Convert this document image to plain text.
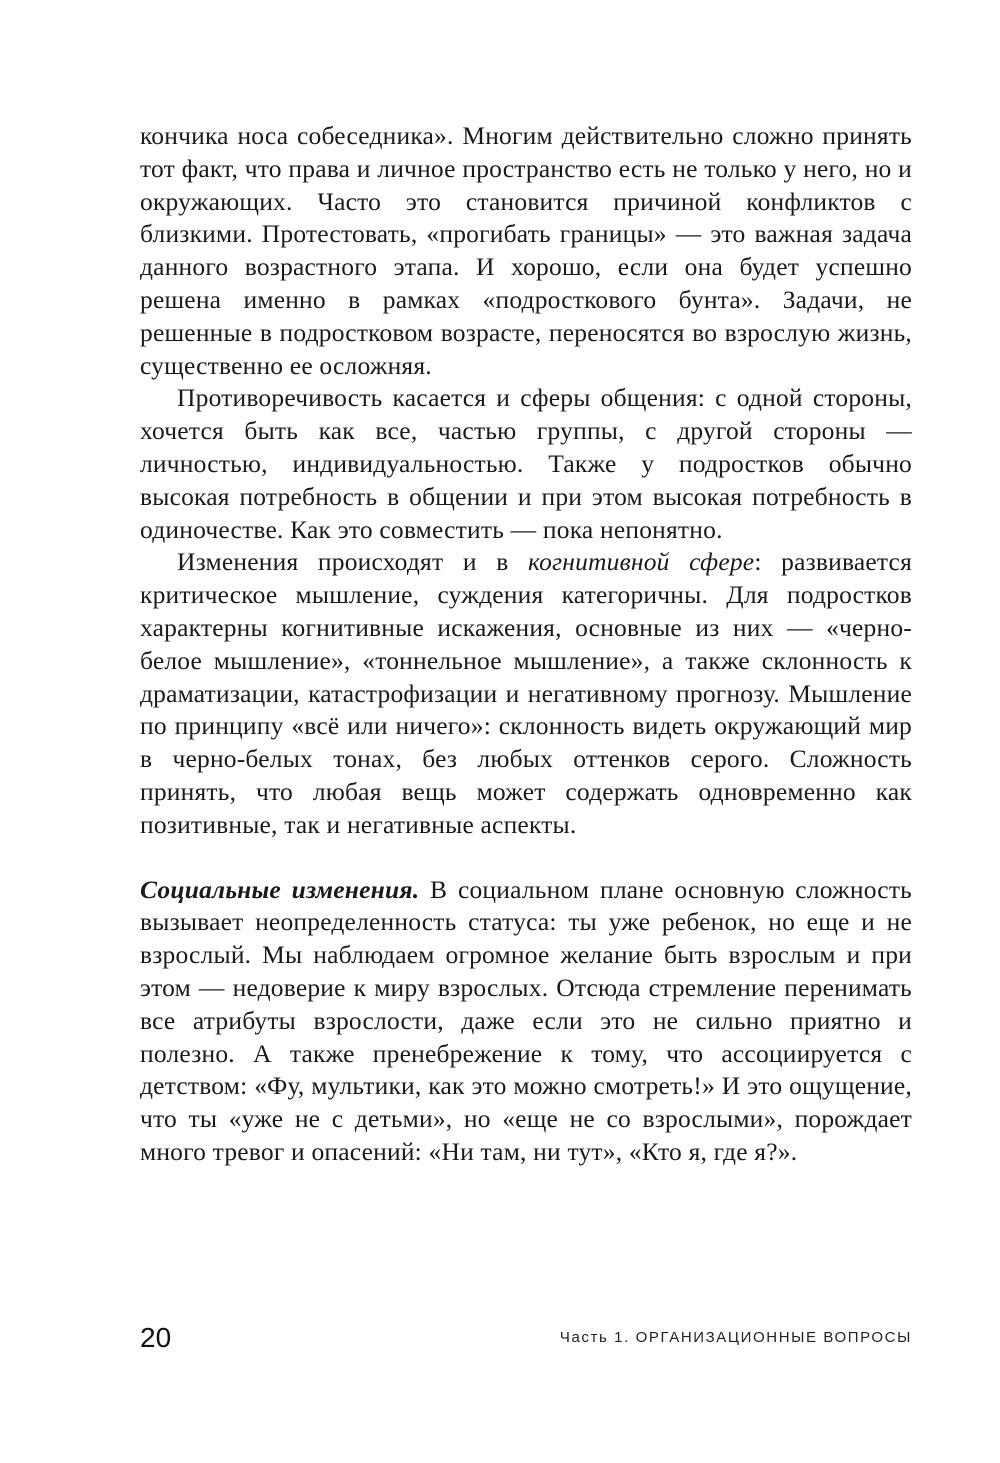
кончика носа собеседника». Многим действительно сложно принять тот факт, что права и личное пространство есть не только у него, но и окружающих. Часто это становится причиной конфликтов с близкими. Протестовать, «прогибать границы» — это важная задача данного возрастного этапа. И хорошо, если она будет успешно решена именно в рамках «подросткового бунта». Задачи, не решенные в подростковом возрасте, переносятся во взрослую жизнь, существенно ее осложняя.

Противоречивость касается и сферы общения: с одной стороны, хочется быть как все, частью группы, с другой стороны — личностью, индивидуальностью. Также у подростков обычно высокая потребность в общении и при этом высокая потребность в одиночестве. Как это совместить — пока непонятно.

Изменения происходят и в когнитивной сфере: развивается критическое мышление, суждения категоричны. Для подростков характерны когнитивные искажения, основные из них — «черно-белое мышление», «тоннельное мышление», а также склонность к драматизации, катастрофизации и негативному прогнозу. Мышление по принципу «всё или ничего»: склонность видеть окружающий мир в черно-белых тонах, без любых оттенков серого. Сложность принять, что любая вещь может содержать одновременно как позитивные, так и негативные аспекты.

Социальные изменения. В социальном плане основную сложность вызывает неопределенность статуса: ты уже ребенок, но еще и не взрослый. Мы наблюдаем огромное желание быть взрослым и при этом — недоверие к миру взрослых. Отсюда стремление перенимать все атрибуты взрослости, даже если это не сильно приятно и полезно. А также пренебрежение к тому, что ассоциируется с детством: «Фу, мультики, как это можно смотреть!» И это ощущение, что ты «уже не с детьми», но «еще не со взрослыми», порождает много тревог и опасений: «Ни там, ни тут», «Кто я, где я?».

20	Часть 1. ОРГАНИЗАЦИОННЫЕ ВОПРОСЫ
